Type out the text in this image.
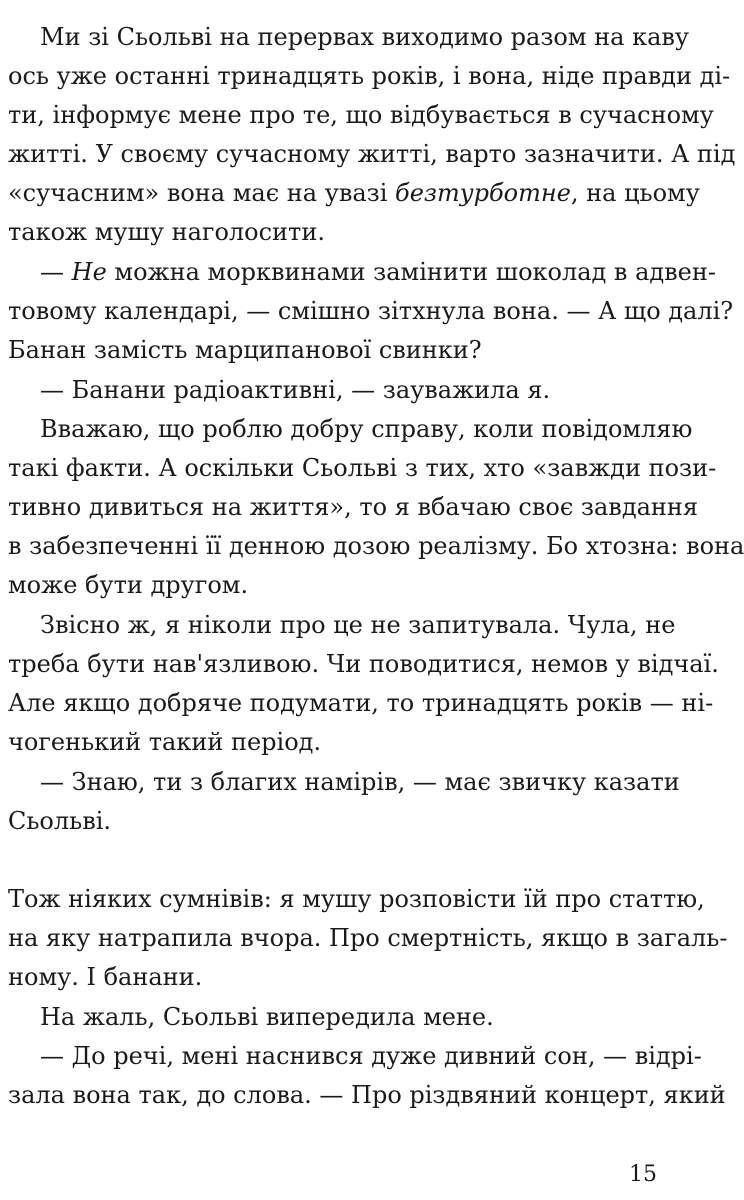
Ми зі Сьольві на перервах виходимо разом на каву
ось уже останні тринадцять років, і вона, ніде правди ді-
ти, інформує мене про те, що відбувається в сучасному
житті. У своєму сучасному житті, варто зазначити. А під
«сучасним» вона має на увазі безтурботне, на цьому
також мушу наголосити.
— Не можна морквинами замінити шоколад в адвен-
товому календарі, — смішно зітхнула вона. — А що далі?
Банан замість марципанової свинки?
— Банани радіоактивні, — зауважила я.
Вважаю, що роблю добру справу, коли повідомляю
такі факти. А оскільки Сьольві з тих, хто «завжди пози-
тивно дивиться на життя», то я вбачаю своє завдання
в забезпеченні її денною дозою реалізму. Бо хтозна: вона
може бути другом.
Звісно ж, я ніколи про це не запитувала. Чула, не
треба бути нав'язливою. Чи поводитися, немов у відчаї.
Але якщо добряче подумати, то тринадцять років — ні-
чогенький такий період.
— Знаю, ти з благих намірів, — має звичку казати
Сьольві.
Тож ніяких сумнівів: я мушу розповісти їй про статтю,
на яку натрапила вчора. Про смертність, якщо в загаль-
ному. І банани.
На жаль, Сьольві випередила мене.
— До речі, мені наснився дуже дивний сон, — відрі-
зала вона так, до слова. — Про різдвяний концерт, який
15
